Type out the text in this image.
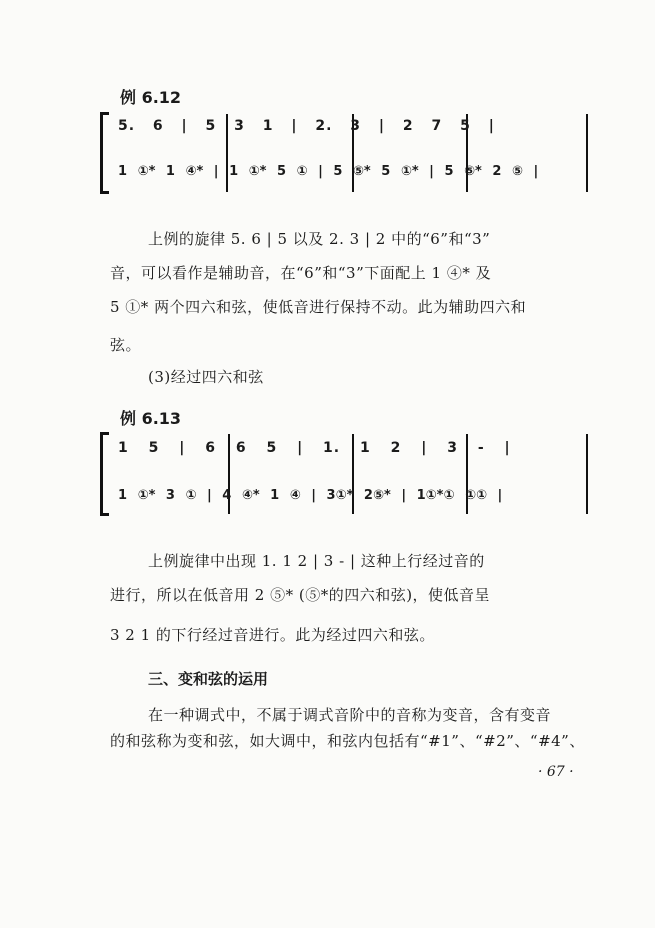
例 6.12
5. 6 | 5 3 1 | 2. 3 | 2 7 5 |
1 ①* 1 ④* | 1 ①* 5 ① | 5 ⑤* 5 ①* | 5 ⑤* 2 ⑤ |
上例的旋律 5. 6 | 5 以及 2. 3 | 2 中的“6”和“3”
音，可以看作是辅助音，在“6”和“3”下面配上 1 ④* 及
5 ①* 两个四六和弦，使低音进行保持不动。此为辅助四六和
弦。
(3)经过四六和弦
例 6.13
1 5 | 6 6 5 | 1. 1 2 | 3 - |
1 ①* 3 ① | 4 ④* 1 ④ | 3①* 2⑤* | 1①*① ①① |
上例旋律中出现 1. 1 2 | 3 - | 这种上行经过音的
进行，所以在低音用 2 ⑤* (⑤*的四六和弦)，使低音呈
3 2 1 的下行经过音进行。此为经过四六和弦。
三、变和弦的运用
在一种调式中，不属于调式音阶中的音称为变音，含有变音
的和弦称为变和弦，如大调中，和弦内包括有“#1”、“#2”、“#4”、
· 67 ·
